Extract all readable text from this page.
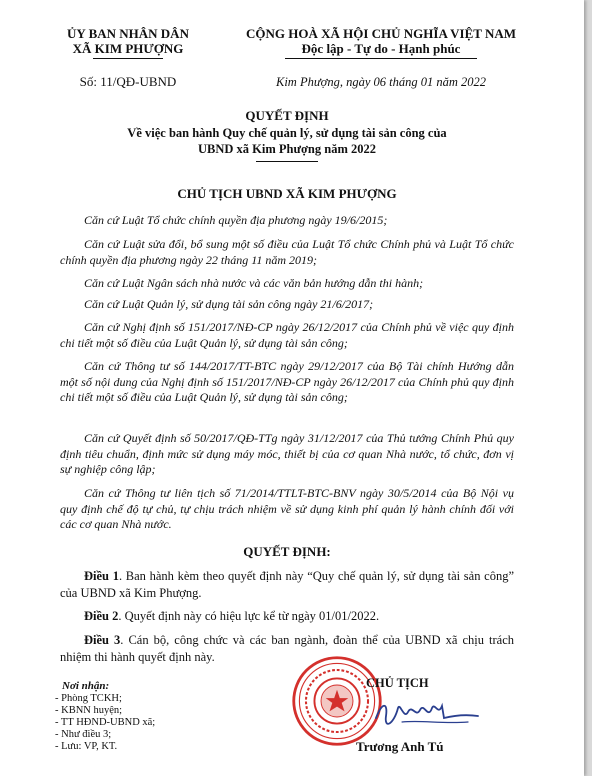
ỦY BAN NHÂN DÂN
XÃ KIM PHƯỢNG
Số: 11/QĐ-UBND
CỘNG HOÀ XÃ HỘI CHỦ NGHĨA VIỆT NAM
Độc lập - Tự do - Hạnh phúc
Kim Phượng, ngày 06 tháng 01 năm 2022
QUYẾT ĐỊNH
Về việc ban hành Quy chế quản lý, sử dụng tài sản công của
UBND xã Kim Phượng năm 2022
CHỦ TỊCH UBND XÃ KIM PHƯỢNG
Căn cứ Luật Tổ chức chính quyền địa phương ngày 19/6/2015;
Căn cứ Luật sửa đổi, bổ sung một số điều của Luật Tổ chức Chính phủ và Luật Tổ chức chính quyền địa phương ngày 22 tháng 11 năm 2019;
Căn cứ Luật Ngân sách nhà nước và các văn bản hướng dẫn thi hành;
Căn cứ Luật Quản lý, sử dụng tài sản công ngày 21/6/2017;
Căn cứ Nghị định số 151/2017/NĐ-CP ngày 26/12/2017 của Chính phủ về việc quy định chi tiết một số điều của Luật Quản lý, sử dụng tài sản công;
Căn cứ Thông tư số 144/2017/TT-BTC ngày 29/12/2017 của Bộ Tài chính Hướng dẫn một số nội dung của Nghị định số 151/2017/NĐ-CP ngày 26/12/2017 của Chính phủ quy định chi tiết một số điều của Luật Quản lý, sử dụng tài sản công;
Căn cứ Quyết định số 50/2017/QĐ-TTg ngày 31/12/2017 của Thủ tướng Chính Phủ quy định tiêu chuẩn, định mức sử dụng máy móc, thiết bị của cơ quan Nhà nước, tổ chức, đơn vị sự nghiệp công lập;
Căn cứ Thông tư liên tịch số 71/2014/TTLT-BTC-BNV ngày 30/5/2014 của Bộ Nội vụ quy định chế độ tự chủ, tự chịu trách nhiệm về sử dụng kinh phí quản lý hành chính đối với các cơ quan Nhà nước.
QUYẾT ĐỊNH:
Điều 1. Ban hành kèm theo quyết định này “Quy chế quản lý, sử dụng tài sản công” của UBND xã Kim Phượng.
Điều 2. Quyết định này có hiệu lực kể từ ngày 01/01/2022.
Điều 3. Cán bộ, công chức và các ban ngành, đoàn thể của UBND xã chịu trách nhiệm thi hành quyết định này.
Nơi nhận:
- Phòng TCKH;
- KBNN huyện;
- TT HĐND-UBND xã;
- Như điều 3;
- Lưu: VP, KT.
CHỦ TỊCH
Trương Anh Tú
